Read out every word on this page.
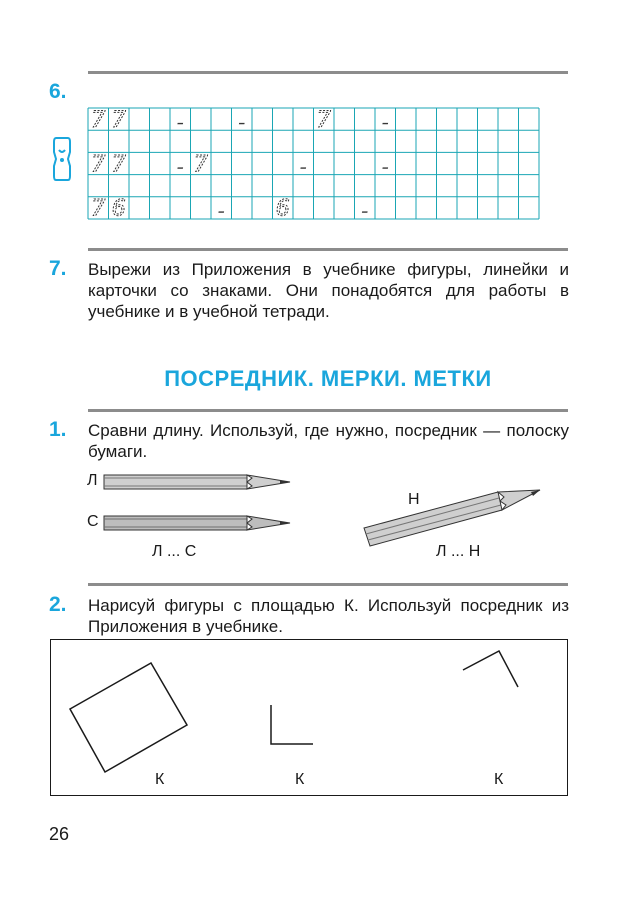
6.
7 7	–	–	7	–
7 7	– 7	–	–
7 6	– 6	–
7. Вырежи из Приложения в учебнике фигуры, линейки и карточки со знаками. Они понадобятся для работы в учебнике и в учебной тетради.
ПОСРЕДНИК. МЕРКИ. МЕТКИ
1. Сравни длину. Используй, где нужно, посредник — полоску бумаги.
Л
С
Н
Л ... С	Л ... Н
2. Нарисуй фигуры с площадью К. Используй посредник из Приложения в учебнике.
К	К	К
26
